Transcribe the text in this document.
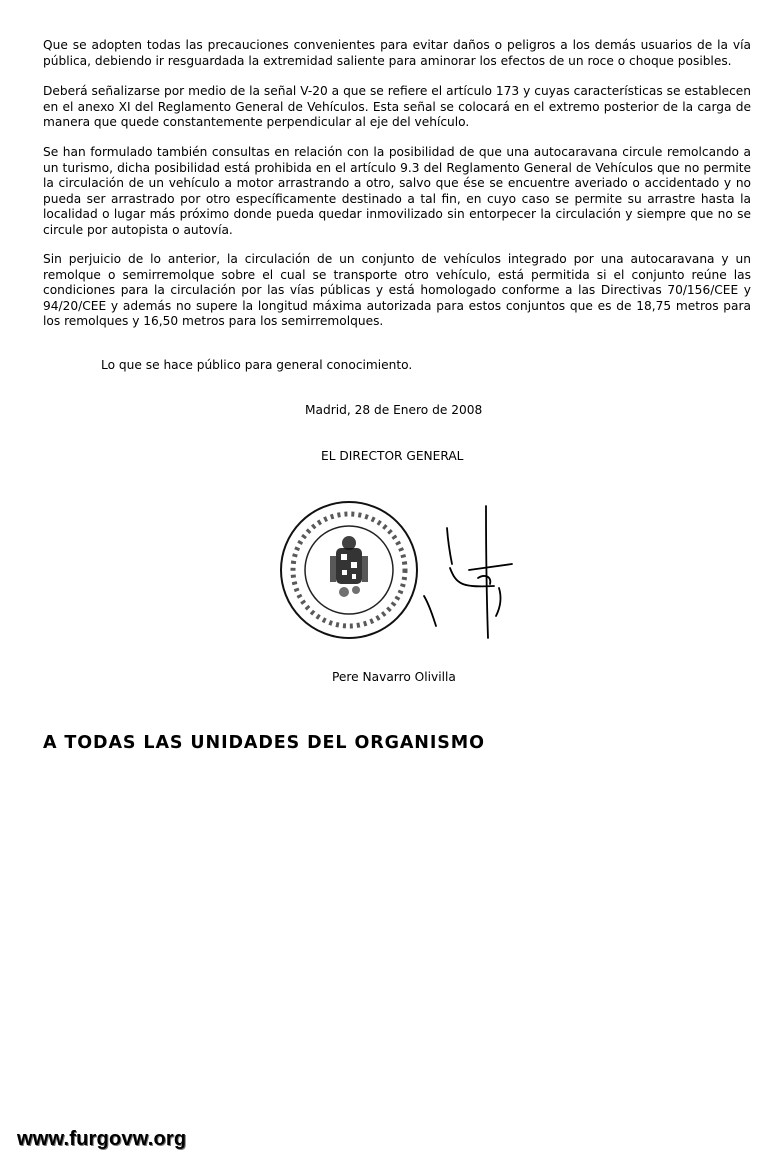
Que se adopten todas las precauciones convenientes para evitar daños o peligros a los demás usuarios de la vía pública, debiendo ir resguardada la extremidad saliente para aminorar los efectos de un roce o choque posibles.

Deberá señalizarse por medio de la señal V-20 a que se refiere el artículo 173 y cuyas características se establecen en el anexo XI del Reglamento General de Vehículos. Esta señal se colocará en el extremo posterior de la carga de manera que quede constantemente perpendicular al eje del vehículo.

Se han formulado también consultas en relación con la posibilidad de que una autocaravana circule remolcando a un turismo, dicha posibilidad está prohibida en el artículo 9.3 del Reglamento General de Vehículos que no permite la circulación de un vehículo a motor arrastrando a otro, salvo que ése se encuentre averiado o accidentado y no pueda ser arrastrado por otro específicamente destinado a tal fin, en cuyo caso se permite su arrastre hasta la localidad o lugar más próximo donde pueda quedar inmovilizado sin entorpecer la circulación y siempre que no se circule por autopista o autovía.

Sin perjuicio de lo anterior, la circulación de un conjunto de vehículos integrado por una autocaravana y un remolque o semirremolque sobre el cual se transporte otro vehículo, está permitida si el conjunto reúne las condiciones para la circulación por las vías públicas y está homologado conforme a las Directivas 70/156/CEE y 94/20/CEE y además no supere la longitud máxima autorizada para estos conjuntos que es de 18,75 metros para los remolques y 16,50 metros para los semirremolques.

Lo que se hace público para general conocimiento.

Madrid, 28 de Enero de 2008

EL DIRECTOR GENERAL

Pere Navarro Olivilla

A TODAS LAS UNIDADES DEL ORGANISMO

www.furgovw.org
